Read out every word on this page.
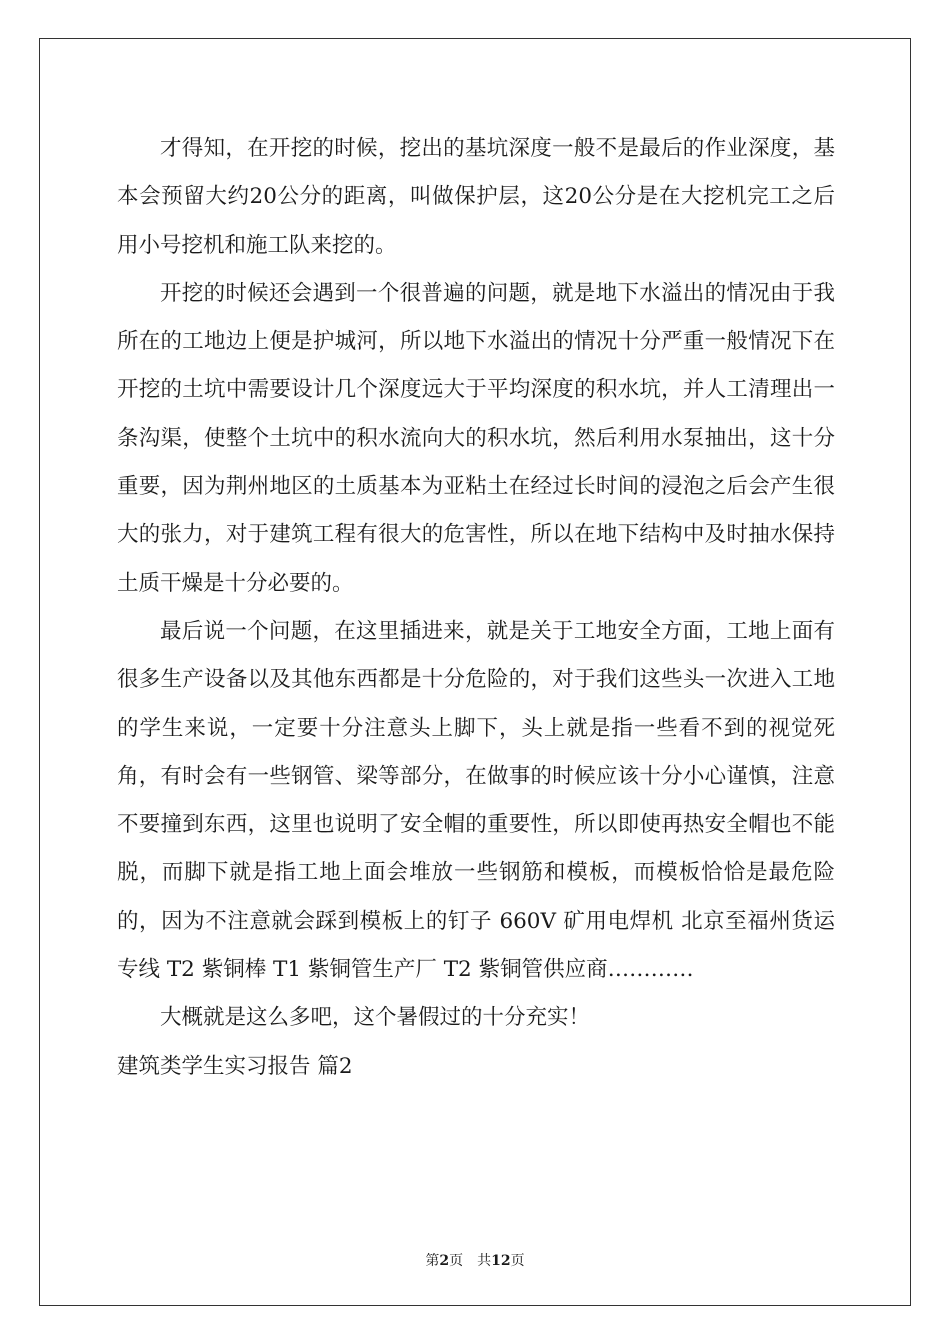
才得知，在开挖的时候，挖出的基坑深度一般不是最后的作业深度，基本会预留大约20公分的距离，叫做保护层，这20公分是在大挖机完工之后用小号挖机和施工队来挖的。

开挖的时候还会遇到一个很普遍的问题，就是地下水溢出的情况由于我所在的工地边上便是护城河，所以地下水溢出的情况十分严重一般情况下在开挖的土坑中需要设计几个深度远大于平均深度的积水坑，并人工清理出一条沟渠，使整个土坑中的积水流向大的积水坑，然后利用水泵抽出，这十分重要，因为荆州地区的土质基本为亚粘土在经过长时间的浸泡之后会产生很大的张力，对于建筑工程有很大的危害性，所以在地下结构中及时抽水保持土质干燥是十分必要的。

最后说一个问题，在这里插进来，就是关于工地安全方面，工地上面有很多生产设备以及其他东西都是十分危险的，对于我们这些头一次进入工地的学生来说，一定要十分注意头上脚下，头上就是指一些看不到的视觉死角，有时会有一些钢管、梁等部分，在做事的时候应该十分小心谨慎，注意不要撞到东西，这里也说明了安全帽的重要性，所以即使再热安全帽也不能脱，而脚下就是指工地上面会堆放一些钢筋和模板，而模板恰恰是最危险的，因为不注意就会踩到模板上的钉子 660V 矿用电焊机 北京至福州货运专线 T2 紫铜棒 T1 紫铜管生产厂 T2 紫铜管供应商…………

大概就是这么多吧，这个暑假过的十分充实！

建筑类学生实习报告 篇2

第2页 共12页
